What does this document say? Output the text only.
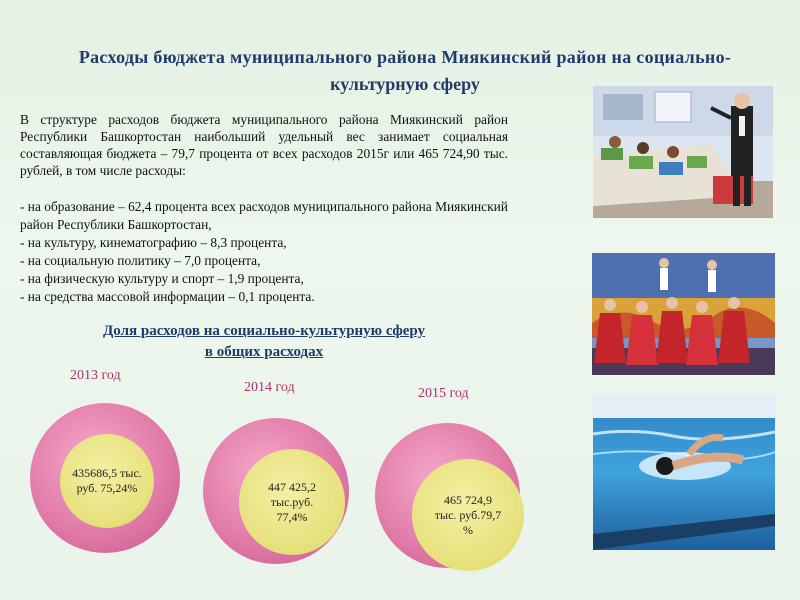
Расходы бюджета муниципального района Миякинский район на социально-
культурную сферу
В структуре расходов бюджета муниципального района Миякинский район Республики Башкортостан наибольший удельный вес занимает социальная составляющая бюджета – 79,7 процента от всех расходов 2015г или 465 724,90 тыс. рублей, в том числе расходы:

- на образование – 62,4 процента всех расходов муниципального района Миякинский район Республики Башкортостан,

- на культуру, кинематографию – 8,3 процента,

- на социальную политику – 7,0 процента,

- на физическую культуру и спорт – 1,9 процента,

- на средства массовой информации – 0,1 процента.

Доля расходов на социально-культурную сферу
в общих расходах
2013 год
435686,5 тыс. руб. 75,24%
2014 год
447 425,2 тыс.руб. 77,4%
2015 год
465 724,9 тыс. руб.79,7 %
